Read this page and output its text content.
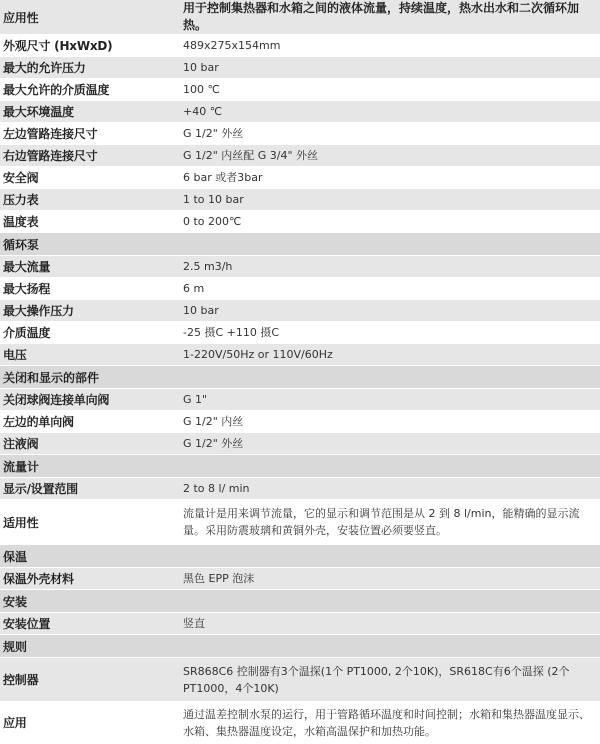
应用性	用于控制集热器和水箱之间的液体流量，持续温度，热水出水和二次循环加热。
外观尺寸 (HxWxD)	489x275x154mm
最大的允许压力	10 bar
最大允许的介质温度	100 ℃
最大环境温度	+40 ℃
左边管路连接尺寸	G 1/2" 外丝
右边管路连接尺寸	G 1/2" 内丝配 G 3/4" 外丝
安全阀	6 bar 或者3bar
压力表	1 to 10 bar
温度表	0 to 200℃
循环泵	
最大流量	2.5 m3/h
最大扬程	6 m
最大操作压力	10 bar
介质温度	-25 摄C +110 摄C
电压	1-220V/50Hz or 110V/60Hz
关闭和显示的部件	
关闭球阀连接单向阀	G 1"
左边的单向阀	G 1/2" 内丝
注液阀	G 1/2" 外丝
流量计	
显示/设置范围	2 to 8 l/ min
适用性	流量计是用来调节流量，它的显示和调节范围是从 2 到 8 l/min，能精确的显示流量。采用防震玻璃和黄铜外壳，安装位置必须要竖直。
保温	
保温外壳材料	黑色 EPP 泡沫
安装	
安装位置	竖直
规则	
控制器	SR868C6 控制器有3个温探(1个 PT1000, 2个10K)，SR618C有6个温探 (2个 PT1000，4个10K)
应用	通过温差控制水泵的运行，用于管路循环温度和时间控制；水箱和集热器温度显示、水箱、集热器温度设定，水箱高温保护和加热功能。
